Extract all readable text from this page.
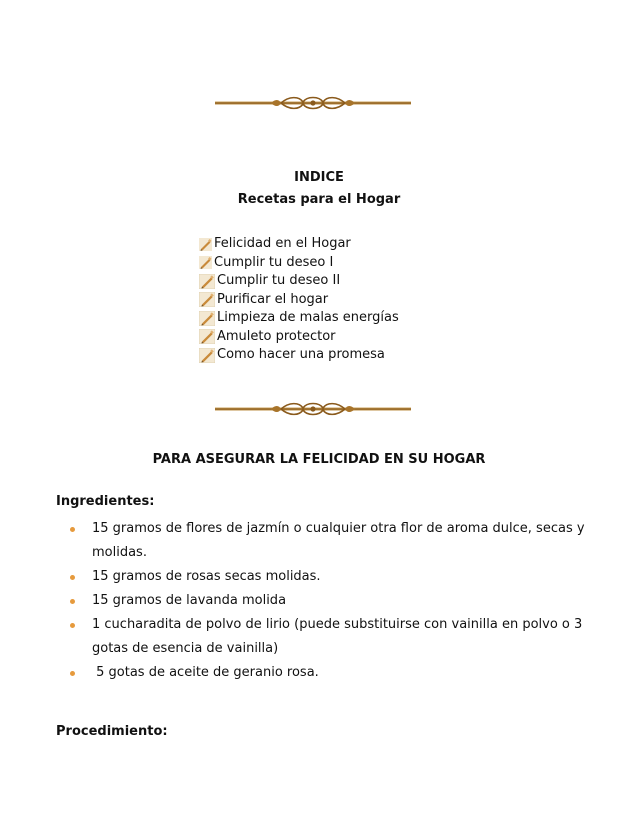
INDICE
Recetas para el Hogar
Felicidad en el Hogar
Cumplir tu deseo I
Cumplir tu deseo II
Purificar el hogar
Limpieza de malas energías
Amuleto protector
Como hacer una promesa
PARA ASEGURAR LA FELICIDAD EN SU HOGAR
Ingredientes:
15 gramos de flores de jazmín o cualquier otra flor de aroma dulce, secas y molidas.
15 gramos de rosas secas molidas.
15 gramos de lavanda molida
1 cucharadita de polvo de lirio (puede substituirse con vainilla en polvo o 3 gotas de esencia de vainilla)
5 gotas de aceite de geranio rosa.
Procedimiento:
